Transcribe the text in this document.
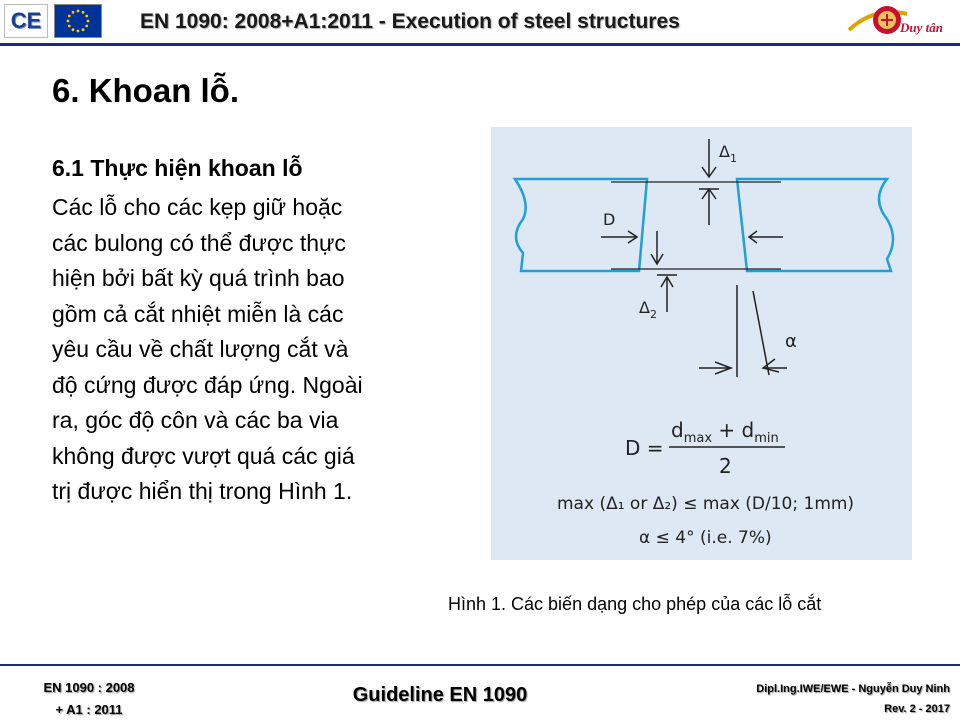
CE	EN 1090: 2008+A1:2011 - Execution of steel structures	Duy tân
6. Khoan lỗ.
6.1 Thực hiện khoan lỗ
Các lỗ cho các kẹp giữ hoặc
các bulong có thể được thực
hiện bởi bất kỳ quá trình bao
gồm cả cắt nhiệt miễn là các
yêu cầu về chất lượng cắt và
độ cứng được đáp ứng. Ngoài
ra, góc độ côn và các ba via
không được vượt quá các giá
trị được hiển thị trong Hình 1.
$\Delta_1$
D
$\Delta_2$
α
D =
$d_{max} + d_{min}$
2
max (Δ₁ or Δ₂) ≤ max (D/10; 1mm)
α ≤ 4° (i.e. 7%)
Hình 1. Các biến dạng cho phép của các lỗ cắt
EN 1090 : 2008
+ A1 : 2011
Guideline EN 1090	Dipl.Ing.IWE/EWE - Nguyễn Duy Ninh
Rev. 2 - 2017
